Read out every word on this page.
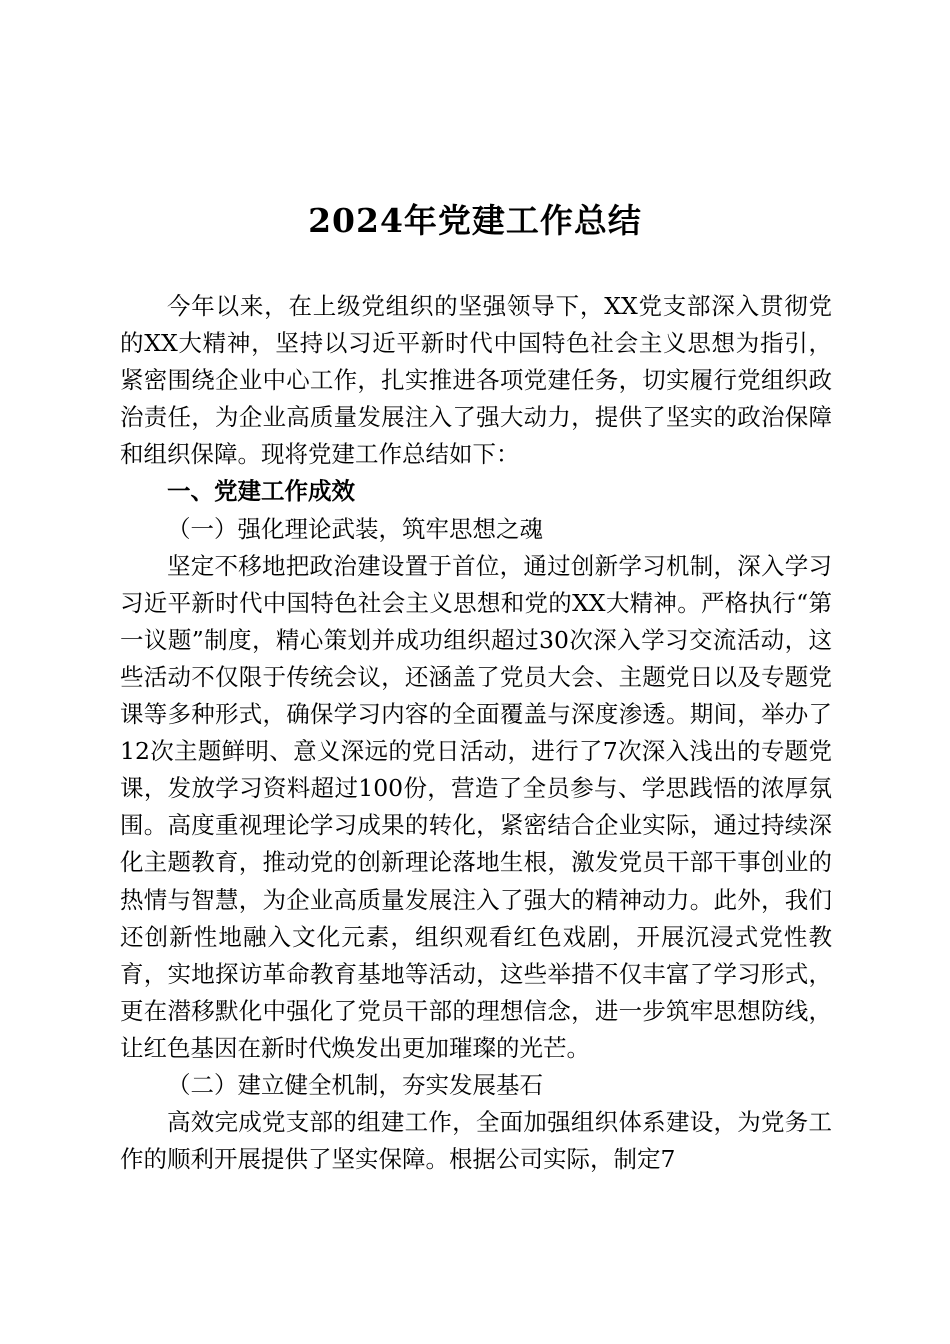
2024年党建工作总结

今年以来，在上级党组织的坚强领导下，XX党支部深入贯彻党的XX大精神，坚持以习近平新时代中国特色社会主义思想为指引，紧密围绕企业中心工作，扎实推进各项党建任务，切实履行党组织政治责任，为企业高质量发展注入了强大动力，提供了坚实的政治保障和组织保障。现将党建工作总结如下：

一、党建工作成效

（一）强化理论武装，筑牢思想之魂

坚定不移地把政治建设置于首位，通过创新学习机制，深入学习习近平新时代中国特色社会主义思想和党的XX大精神。严格执行“第一议题”制度，精心策划并成功组织超过30次深入学习交流活动，这些活动不仅限于传统会议，还涵盖了党员大会、主题党日以及专题党课等多种形式，确保学习内容的全面覆盖与深度渗透。期间，举办了12次主题鲜明、意义深远的党日活动，进行了7次深入浅出的专题党课，发放学习资料超过100份，营造了全员参与、学思践悟的浓厚氛围。高度重视理论学习成果的转化，紧密结合企业实际，通过持续深化主题教育，推动党的创新理论落地生根，激发党员干部干事创业的热情与智慧，为企业高质量发展注入了强大的精神动力。此外，我们还创新性地融入文化元素，组织观看红色戏剧，开展沉浸式党性教育，实地探访革命教育基地等活动，这些举措不仅丰富了学习形式，更在潜移默化中强化了党员干部的理想信念，进一步筑牢思想防线，让红色基因在新时代焕发出更加璀璨的光芒。

（二）建立健全机制，夯实发展基石

高效完成党支部的组建工作，全面加强组织体系建设，为党务工作的顺利开展提供了坚实保障。根据公司实际，制定7
